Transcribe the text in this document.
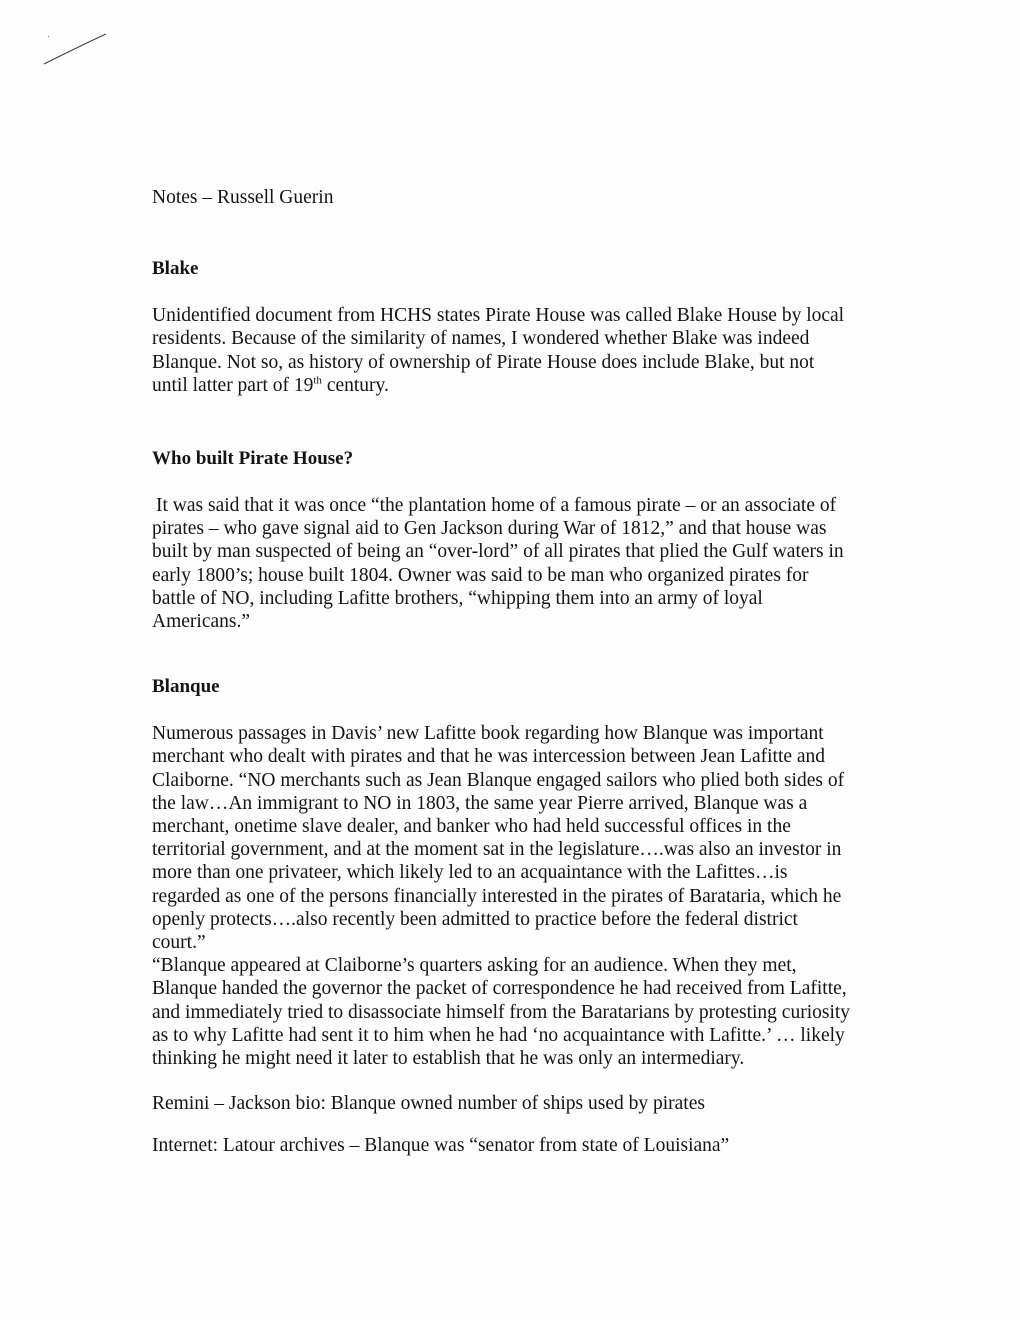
Notes – Russell Guerin

Blake

Unidentified document from HCHS states Pirate House was called Blake House by local
residents. Because of the similarity of names, I wondered whether Blake was indeed
Blanque. Not so, as history of ownership of Pirate House does include Blake, but not
until latter part of 19th century.

Who built Pirate House?

It was said that it was once “the plantation home of a famous pirate – or an associate of
pirates – who gave signal aid to Gen Jackson during War of 1812,” and that house was
built by man suspected of being an “over-lord” of all pirates that plied the Gulf waters in
early 1800’s; house built 1804. Owner was said to be man who organized pirates for
battle of NO, including Lafitte brothers, “whipping them into an army of loyal
Americans.”

Blanque

Numerous passages in Davis’ new Lafitte book regarding how Blanque was important
merchant who dealt with pirates and that he was intercession between Jean Lafitte and
Claiborne. “NO merchants such as Jean Blanque engaged sailors who plied both sides of
the law…An immigrant to NO in 1803, the same year Pierre arrived, Blanque was a
merchant, onetime slave dealer, and banker who had held successful offices in the
territorial government, and at the moment sat in the legislature….was also an investor in
more than one privateer, which likely led to an acquaintance with the Lafittes…is
regarded as one of the persons financially interested in the pirates of Barataria, which he
openly protects….also recently been admitted to practice before the federal district
court.”
“Blanque appeared at Claiborne’s quarters asking for an audience. When they met,
Blanque handed the governor the packet of correspondence he had received from Lafitte,
and immediately tried to disassociate himself from the Baratarians by protesting curiosity
as to why Lafitte had sent it to him when he had ‘no acquaintance with Lafitte.’ … likely
thinking he might need it later to establish that he was only an intermediary.

Remini – Jackson bio: Blanque owned number of ships used by pirates

Internet: Latour archives – Blanque was “senator from state of Louisiana”
